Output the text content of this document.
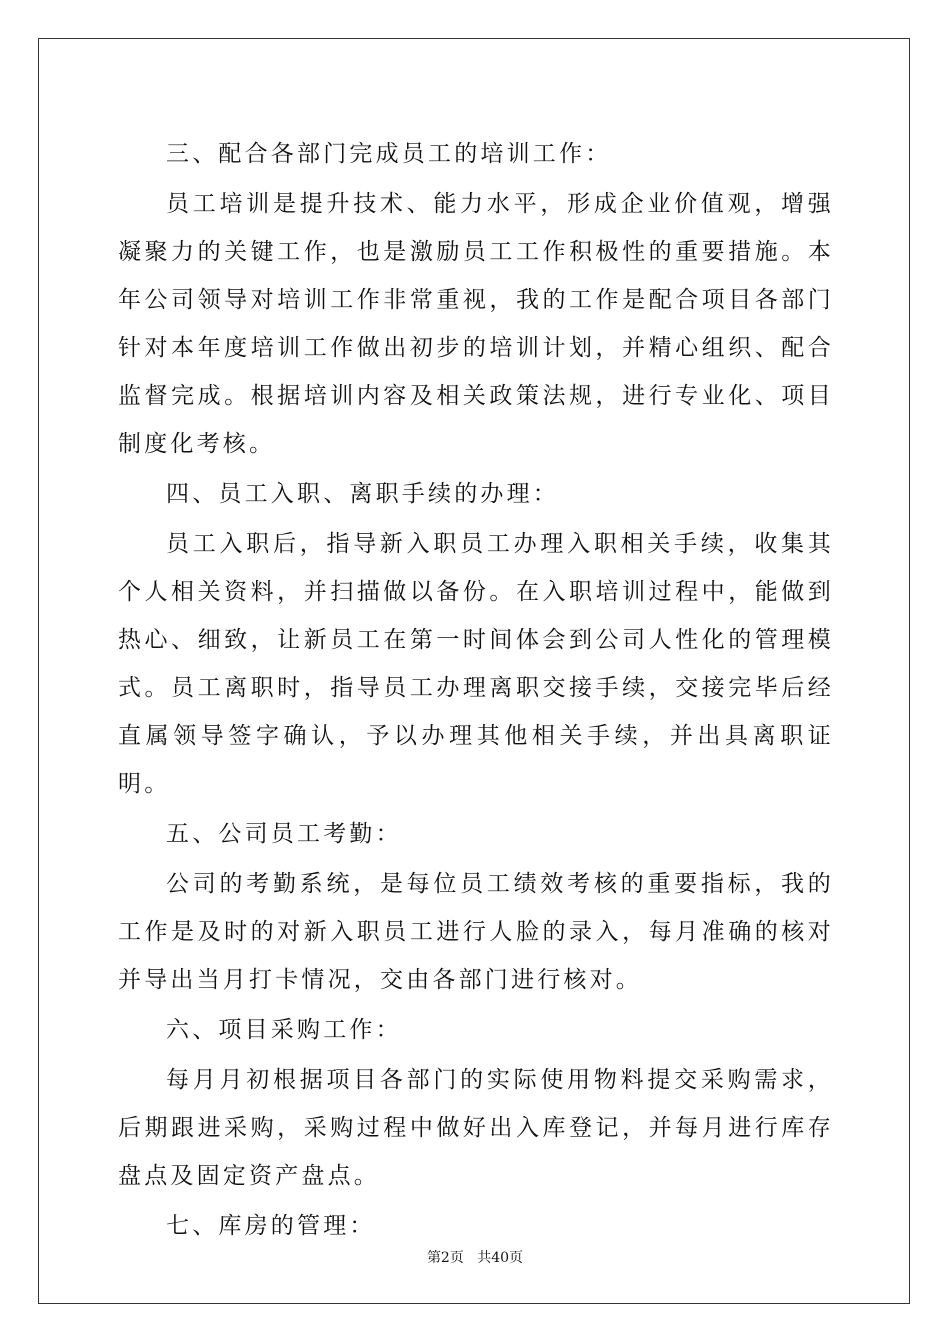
三、配合各部门完成员工的培训工作：

员工培训是提升技术、能力水平，形成企业价值观，增强凝聚力的关键工作，也是激励员工工作积极性的重要措施。本年公司领导对培训工作非常重视，我的工作是配合项目各部门针对本年度培训工作做出初步的培训计划，并精心组织、配合监督完成。根据培训内容及相关政策法规，进行专业化、项目制度化考核。

四、员工入职、离职手续的办理：

员工入职后，指导新入职员工办理入职相关手续，收集其个人相关资料，并扫描做以备份。在入职培训过程中，能做到热心、细致，让新员工在第一时间体会到公司人性化的管理模式。员工离职时，指导员工办理离职交接手续，交接完毕后经直属领导签字确认，予以办理其他相关手续，并出具离职证明。

五、公司员工考勤：

公司的考勤系统，是每位员工绩效考核的重要指标，我的工作是及时的对新入职员工进行人脸的录入，每月准确的核对并导出当月打卡情况，交由各部门进行核对。

六、项目采购工作：

每月月初根据项目各部门的实际使用物料提交采购需求，后期跟进采购，采购过程中做好出入库登记，并每月进行库存盘点及固定资产盘点。

七、库房的管理：

第2页 共40页
